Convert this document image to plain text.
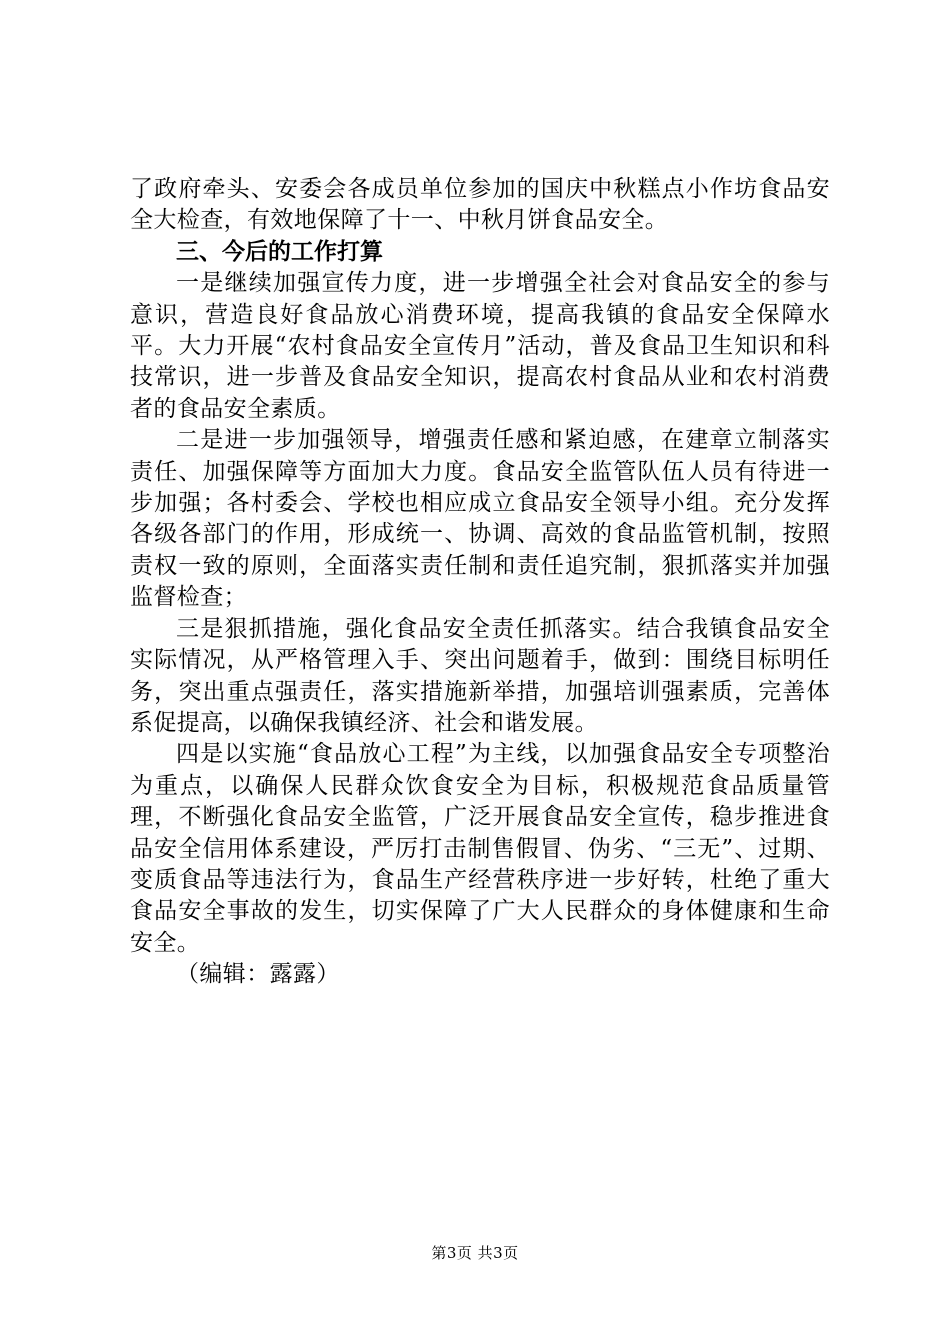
了政府牵头、安委会各成员单位参加的国庆中秋糕点小作坊食品安全大检查，有效地保障了十一、中秋月饼食品安全。

三、今后的工作打算

一是继续加强宣传力度，进一步增强全社会对食品安全的参与意识，营造良好食品放心消费环境，提高我镇的食品安全保障水平。大力开展“农村食品安全宣传月”活动，普及食品卫生知识和科技常识，进一步普及食品安全知识，提高农村食品从业和农村消费者的食品安全素质。

二是进一步加强领导，增强责任感和紧迫感，在建章立制落实责任、加强保障等方面加大力度。食品安全监管队伍人员有待进一步加强；各村委会、学校也相应成立食品安全领导小组。充分发挥各级各部门的作用，形成统一、协调、高效的食品监管机制，按照责权一致的原则，全面落实责任制和责任追究制，狠抓落实并加强监督检查；

三是狠抓措施，强化食品安全责任抓落实。结合我镇食品安全实际情况，从严格管理入手、突出问题着手，做到：围绕目标明任务，突出重点强责任，落实措施新举措，加强培训强素质，完善体系促提高，以确保我镇经济、社会和谐发展。

四是以实施“食品放心工程”为主线，以加强食品安全专项整治为重点，以确保人民群众饮食安全为目标，积极规范食品质量管理，不断强化食品安全监管，广泛开展食品安全宣传，稳步推进食品安全信用体系建设，严厉打击制售假冒、伪劣、“三无”、过期、变质食品等违法行为，食品生产经营秩序进一步好转，杜绝了重大食品安全事故的发生，切实保障了广大人民群众的身体健康和生命安全。

（编辑：露露）

第3页 共3页
